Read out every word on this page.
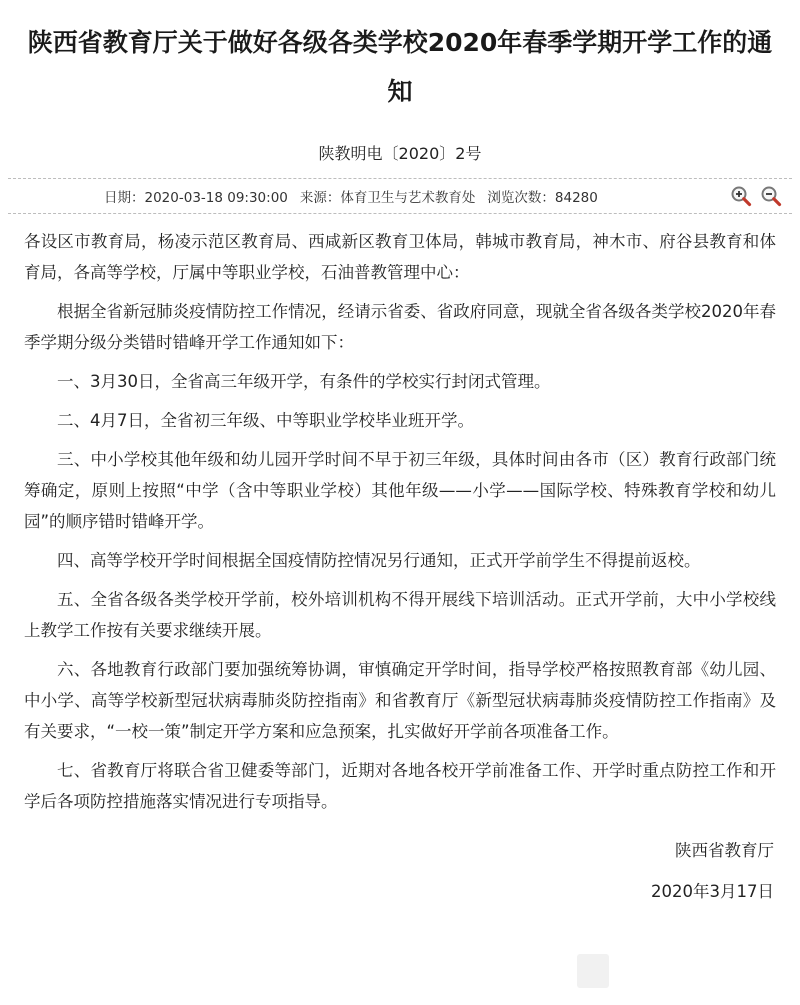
陕西省教育厅关于做好各级各类学校2020年春季学期开学工作的通知
陕教明电〔2020〕2号
日期：2020-03-18 09:30:00 来源：体育卫生与艺术教育处 浏览次数：84280

各设区市教育局，杨凌示范区教育局、西咸新区教育卫体局，韩城市教育局，神木市、府谷县教育和体育局，各高等学校，厅属中等职业学校，石油普教管理中心：

根据全省新冠肺炎疫情防控工作情况，经请示省委、省政府同意，现就全省各级各类学校2020年春季学期分级分类错时错峰开学工作通知如下：

一、3月30日，全省高三年级开学，有条件的学校实行封闭式管理。

二、4月7日，全省初三年级、中等职业学校毕业班开学。

三、中小学校其他年级和幼儿园开学时间不早于初三年级，具体时间由各市（区）教育行政部门统筹确定，原则上按照“中学（含中等职业学校）其他年级——小学——国际学校、特殊教育学校和幼儿园”的顺序错时错峰开学。

四、高等学校开学时间根据全国疫情防控情况另行通知，正式开学前学生不得提前返校。

五、全省各级各类学校开学前，校外培训机构不得开展线下培训活动。正式开学前，大中小学校线上教学工作按有关要求继续开展。

六、各地教育行政部门要加强统筹协调，审慎确定开学时间，指导学校严格按照教育部《幼儿园、中小学、高等学校新型冠状病毒肺炎防控指南》和省教育厅《新型冠状病毒肺炎疫情防控工作指南》及有关要求，“一校一策”制定开学方案和应急预案，扎实做好开学前各项准备工作。

七、省教育厅将联合省卫健委等部门，近期对各地各校开学前准备工作、开学时重点防控工作和开学后各项防控措施落实情况进行专项指导。

陕西省教育厅
2020年3月17日
